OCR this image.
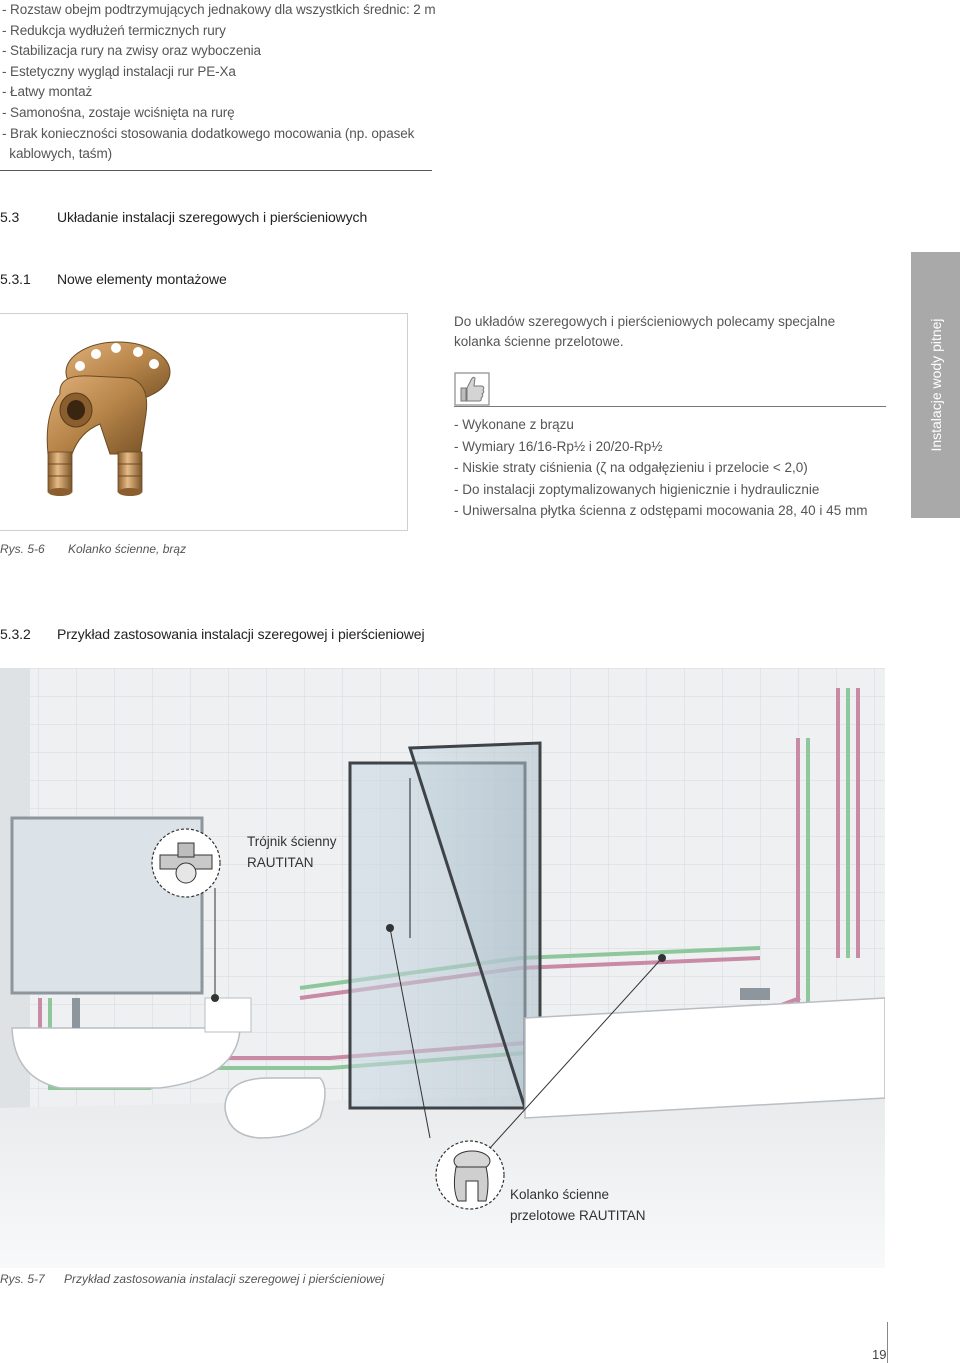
- Rozstaw obejm podtrzymujących jednakowy dla wszystkich średnic: 2 m
- Redukcja wydłużeń termicznych rury
- Stabilizacja rury na zwisy oraz wyboczenia
- Estetyczny wygląd instalacji rur PE-Xa
- Łatwy montaż
- Samonośna, zostaje wciśnięta na rurę
- Brak konieczności stosowania dodatkowego mocowania (np. opasek
kablowych, taśm)
5.3	Układanie instalacji szeregowych i pierścieniowych
5.3.1 Nowe elementy montażowe
Rys. 5-6 Kolanko ścienne, brąz
Do układów szeregowych i pierścieniowych polecamy specjalne kolanka ścienne przelotowe.
- Wykonane z brązu
- Wymiary 16/16-Rp½ i 20/20-Rp½
- Niskie straty ciśnienia (ζ na odgałęzieniu i przelocie < 2,0)
- Do instalacji zoptymalizowanych higienicznie i hydraulicznie
- Uniwersalna płytka ścienna z odstępami mocowania 28, 40 i 45 mm
Instalacje wody pitnej
5.3.2 Przykład zastosowania instalacji szeregowej i pierścieniowej
Trójnik ścienny
RAUTITAN
Kolanko ścienne
przelotowe RAUTITAN
Rys. 5-7 Przykład zastosowania instalacji szeregowej i pierścieniowej
19
